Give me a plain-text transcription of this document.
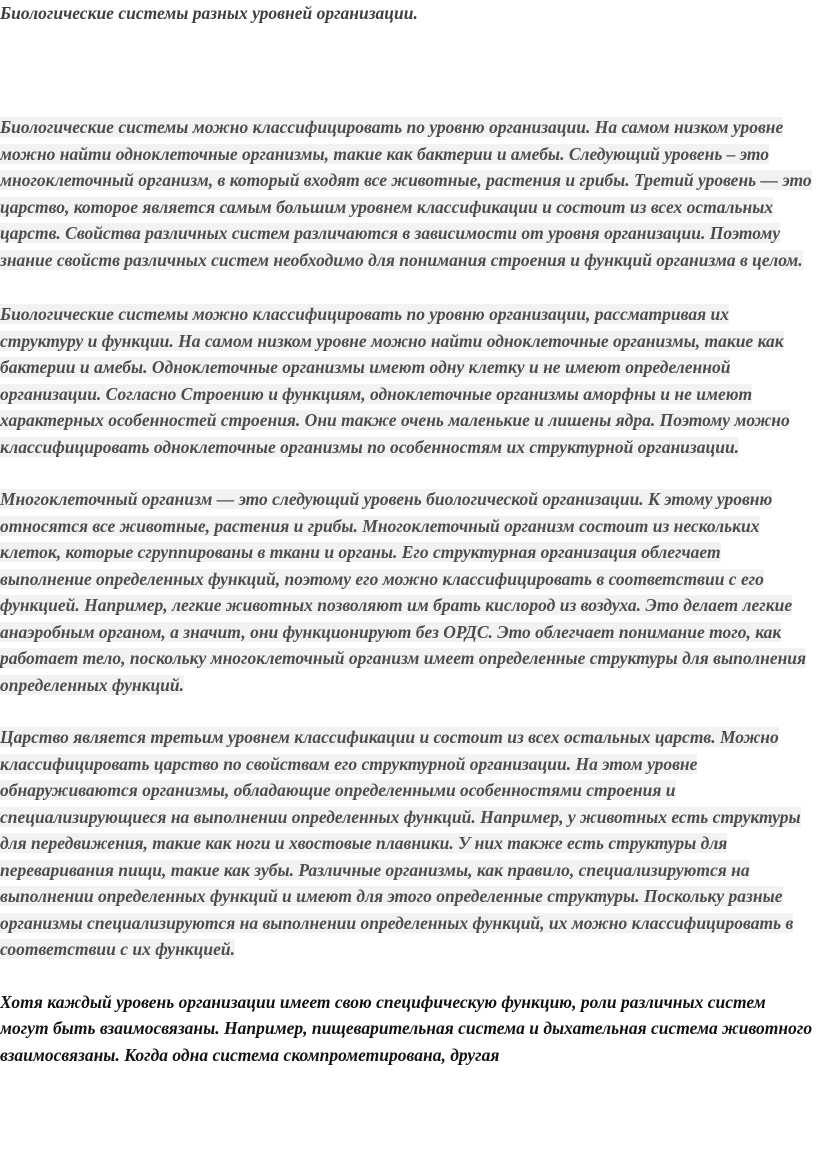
Биологические системы разных уровней организации.

Биологические системы можно классифицировать по уровню организации. На самом низком уровне можно найти одноклеточные организмы, такие как бактерии и амебы. Следующий уровень – это многоклеточный организм, в который входят все животные, растения и грибы. Третий уровень — это царство, которое является самым большим уровнем классификации и состоит из всех остальных царств. Свойства различных систем различаются в зависимости от уровня организации. Поэтому знание свойств различных систем необходимо для понимания строения и функций организма в целом.

Биологические системы можно классифицировать по уровню организации, рассматривая их структуру и функции. На самом низком уровне можно найти одноклеточные организмы, такие как бактерии и амебы. Одноклеточные организмы имеют одну клетку и не имеют определенной организации. Согласно Строению и функциям, одноклеточные организмы аморфны и не имеют характерных особенностей строения. Они также очень маленькие и лишены ядра. Поэтому можно классифицировать одноклеточные организмы по особенностям их структурной организации.

Многоклеточный организм — это следующий уровень биологической организации. К этому уровню относятся все животные, растения и грибы. Многоклеточный организм состоит из нескольких клеток, которые сгруппированы в ткани и органы. Его структурная организация облегчает выполнение определенных функций, поэтому его можно классифицировать в соответствии с его функцией. Например, легкие животных позволяют им брать кислород из воздуха. Это делает легкие анаэробным органом, а значит, они функционируют без ОРДС. Это облегчает понимание того, как работает тело, поскольку многоклеточный организм имеет определенные структуры для выполнения определенных функций.

Царство является третьим уровнем классификации и состоит из всех остальных царств. Можно классифицировать царство по свойствам его структурной организации. На этом уровне обнаруживаются организмы, обладающие определенными особенностями строения и специализирующиеся на выполнении определенных функций. Например, у животных есть структуры для передвижения, такие как ноги и хвостовые плавники. У них также есть структуры для переваривания пищи, такие как зубы. Различные организмы, как правило, специализируются на выполнении определенных функций и имеют для этого определенные структуры. Поскольку разные организмы специализируются на выполнении определенных функций, их можно классифицировать в соответствии с их функцией.

Хотя каждый уровень организации имеет свою специфическую функцию, роли различных систем могут быть взаимосвязаны. Например, пищеварительная система и дыхательная система животного взаимосвязаны. Когда одна система скомпрометирована, другая
